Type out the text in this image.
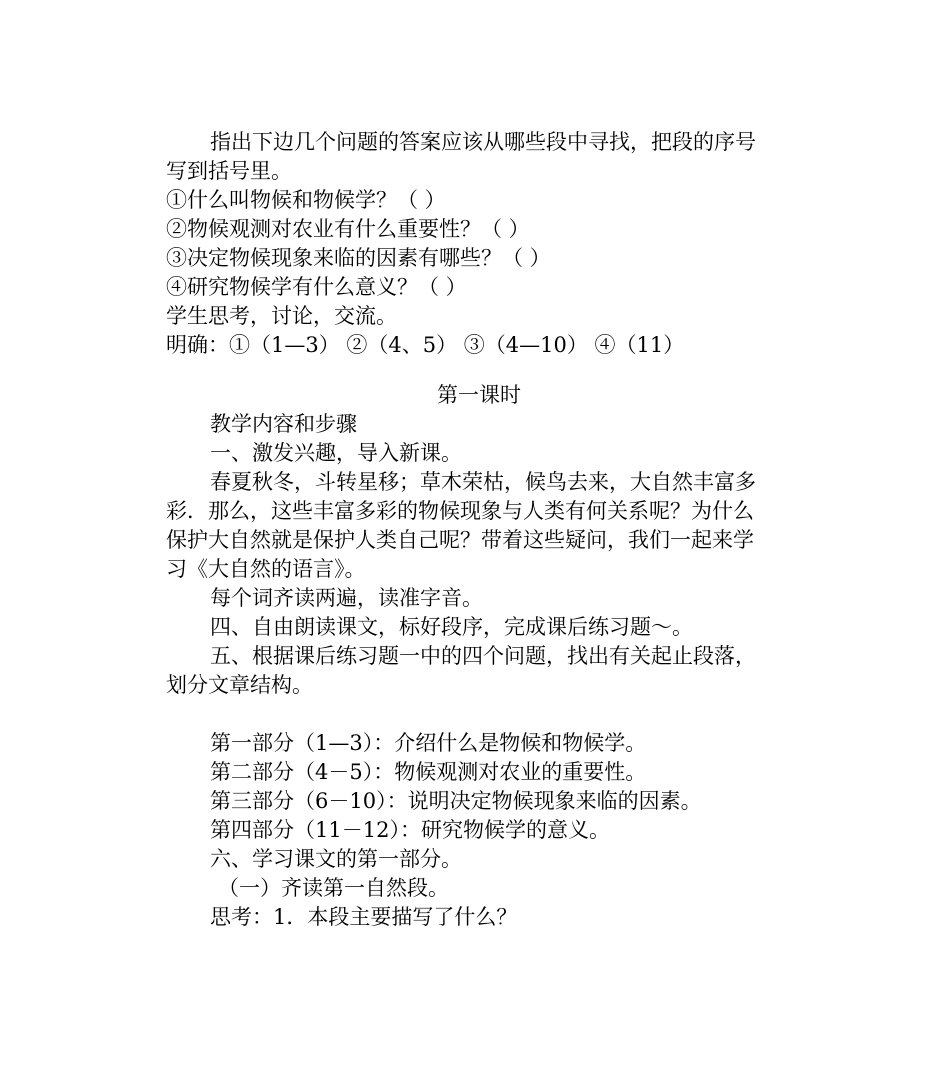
指出下边几个问题的答案应该从哪些段中寻找，把段的序号
写到括号里。
①什么叫物候和物候学？（ ）
②物候观测对农业有什么重要性？（ ）
③决定物候现象来临的因素有哪些？（ ）
④研究物候学有什么意义？（ ）
学生思考，讨论，交流。
明确：①（1—3） ②（4、5） ③（4—10） ④（11）
第一课时
教学内容和步骤
一、激发兴趣，导入新课。
春夏秋冬，斗转星移；草木荣枯，候鸟去来，大自然丰富多
彩．那么，这些丰富多彩的物候现象与人类有何关系呢？为什么
保护大自然就是保护人类自己呢？带着这些疑问，我们一起来学
习《大自然的语言》。
每个词齐读两遍，读准字音。
四、自由朗读课文，标好段序，完成课后练习题～。
五、根据课后练习题一中的四个问题，找出有关起止段落，
划分文章结构。
第一部分（1—3）：介绍什么是物候和物候学。
第二部分（4－5）：物候观测对农业的重要性。
第三部分（6－10）：说明决定物候现象来临的因素。
第四部分（11－12）：研究物候学的意义。
六、学习课文的第一部分。
（一）齐读第一自然段。
思考：1．本段主要描写了什么？
